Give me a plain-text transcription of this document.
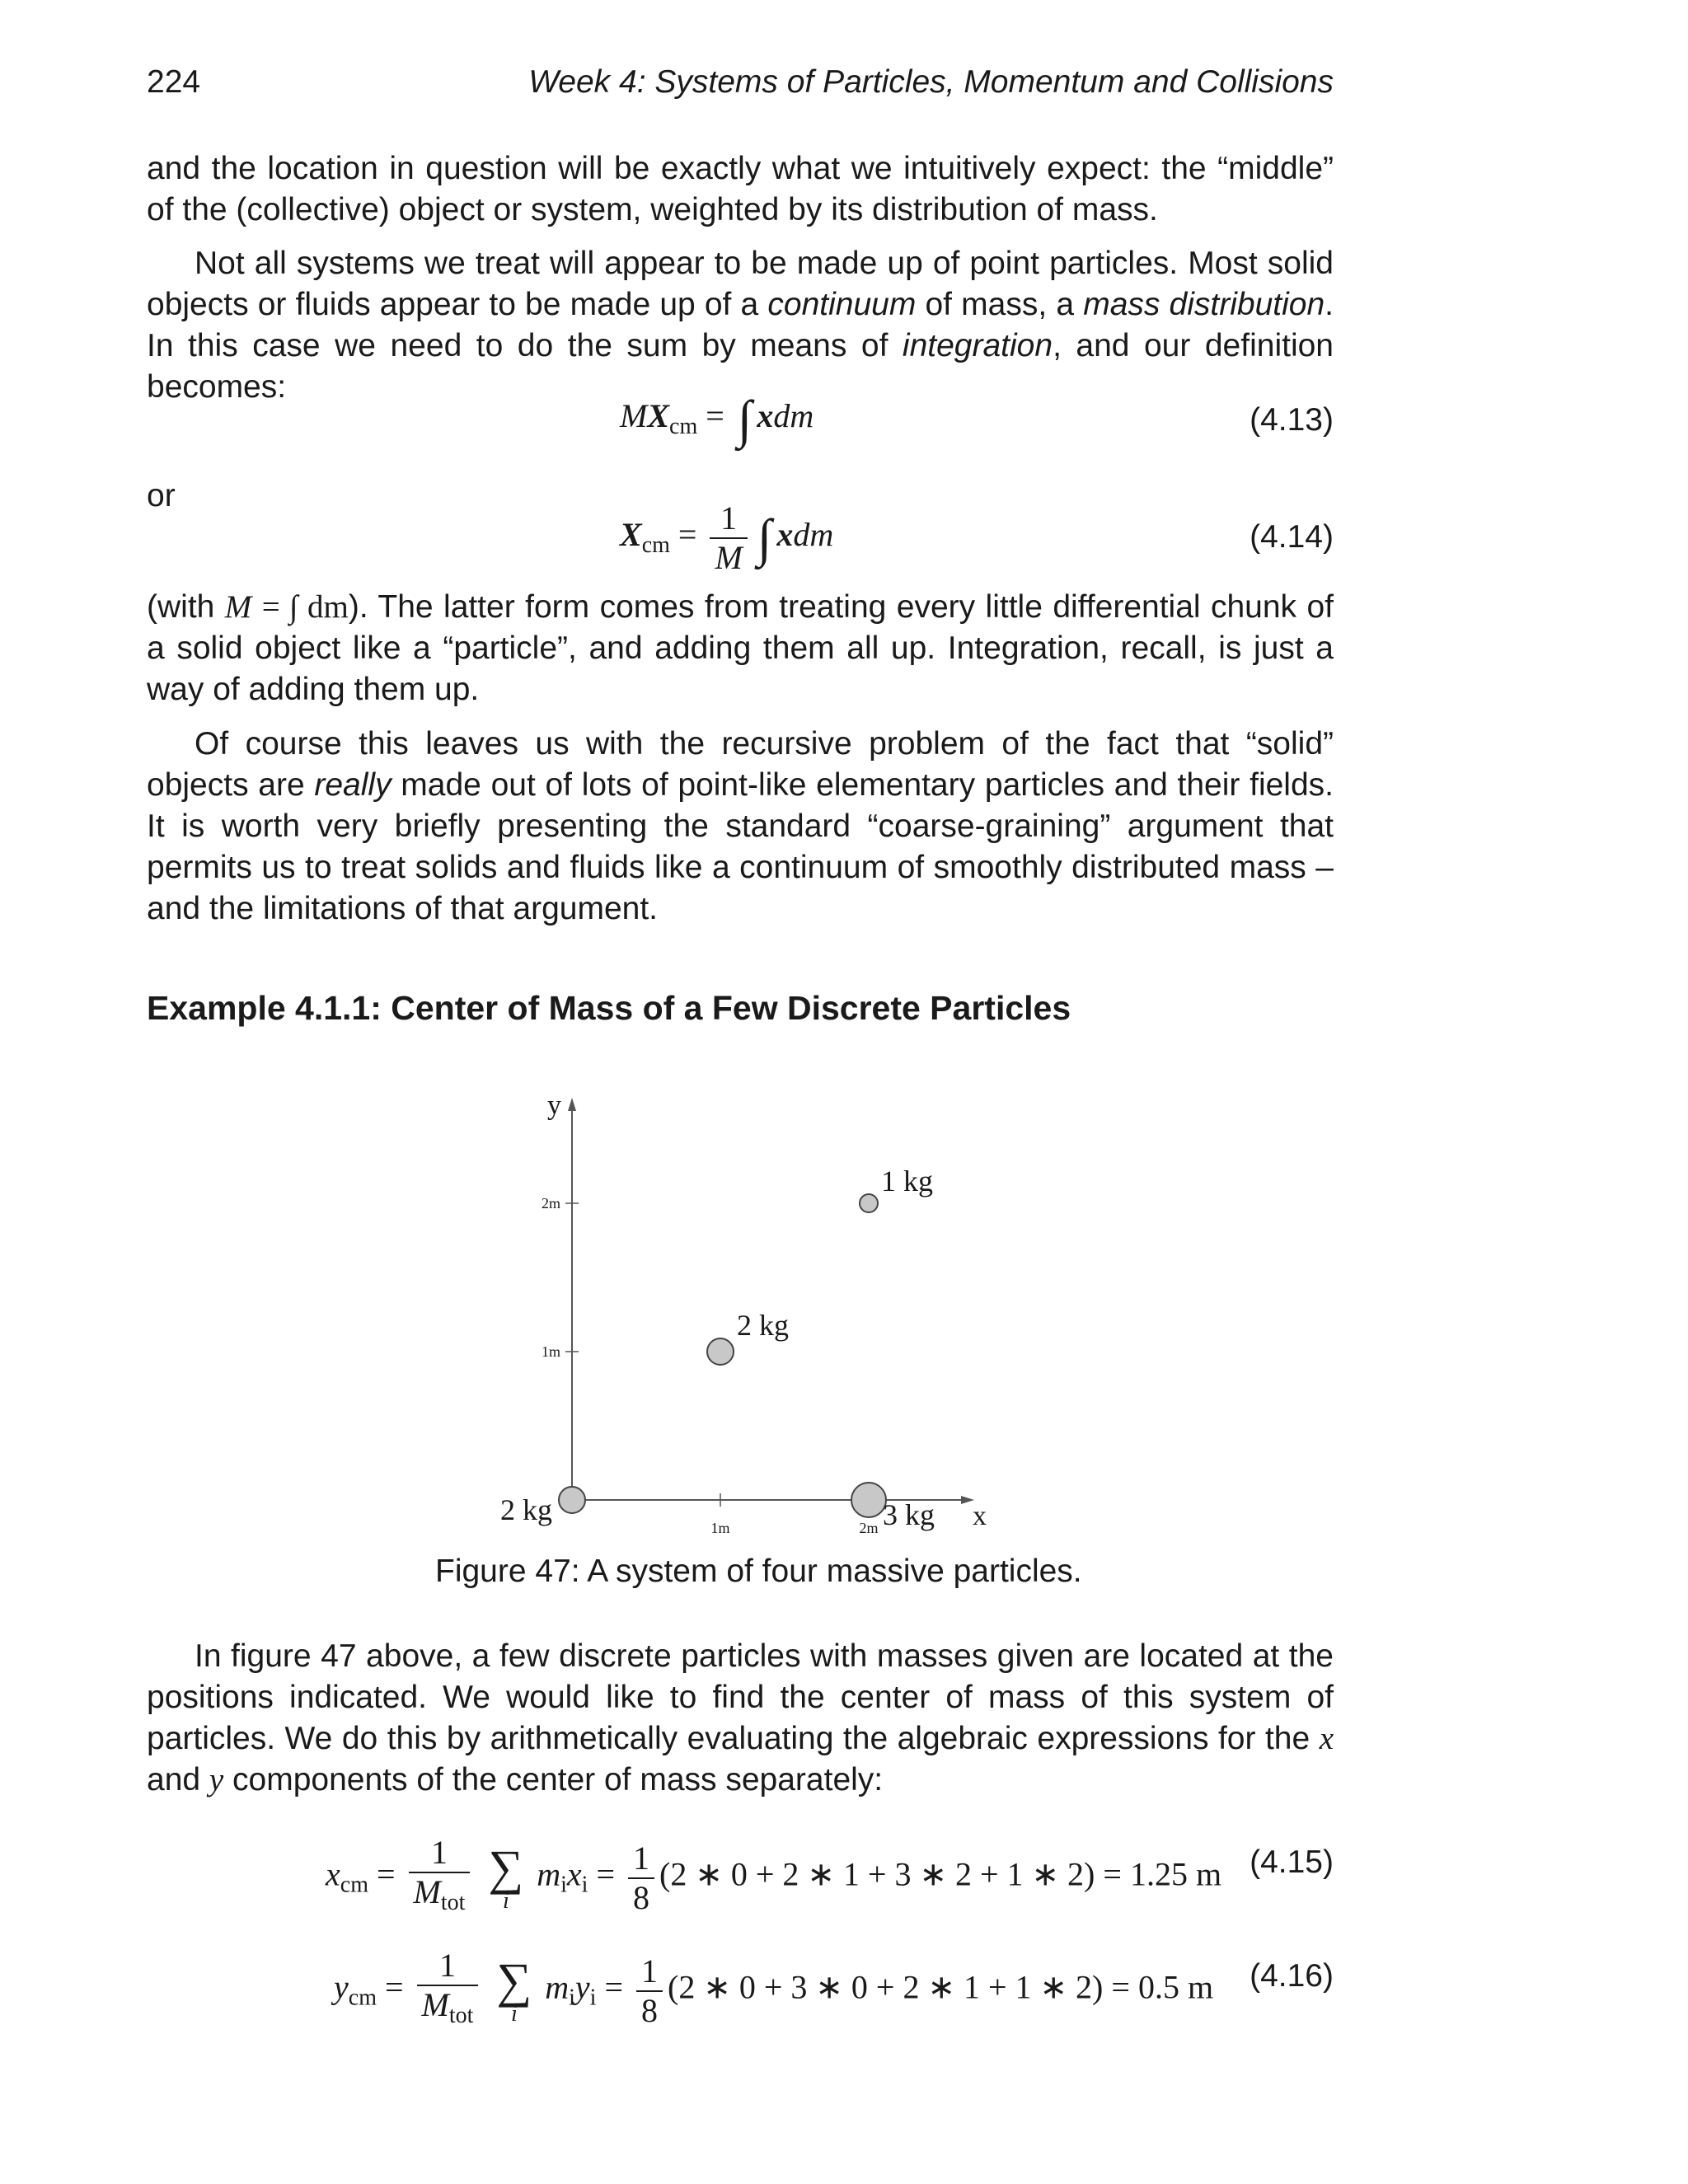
224	Week 4: Systems of Particles, Momentum and Collisions

and the location in question will be exactly what we intuitively expect: the “middle” of the (collective) object or system, weighted by its distribution of mass.

Not all systems we treat will appear to be made up of point particles. Most solid objects or fluids appear to be made up of a continuum of mass, a mass distribution. In this case we need to do the sum by means of integration, and our definition becomes:

$MX_{cm}$ = ∫ xdm	(4.13)
or
$X_{cm} = \frac{1}{M}$ ∫ xdm	(4.14)

(with M = ∫ dm). The latter form comes from treating every little differential chunk of a solid object like a “particle”, and adding them all up. Integration, recall, is just a way of adding them up.

Of course this leaves us with the recursive problem of the fact that “solid” objects are really made out of lots of point-like elementary particles and their fields. It is worth very briefly presenting the standard “coarse-graining” argument that permits us to treat solids and fluids like a continuum of smoothly distributed mass – and the limitations of that argument.

Example 4.1.1: Center of Mass of a Few Discrete Particles
y
x
1m	2m
1m
2m
2 kg
2 kg
3 kg
1 kg
Figure 47: A system of four massive particles.

In figure 47 above, a few discrete particles with masses given are located at the positions indicated. We would like to find the center of mass of this system of particles. We do this by arithmetically evaluating the algebraic expressions for the x and y components of the center of mass separately:

$x_{cm} = \frac{1}{M_{tot}}$
∑
i
$m_ix_i = \frac{1}{8} (2$ ∗ 0 + 2 ∗ 1 + 3 ∗ 2 + 1 ∗ 2) = 1.25 m (4.15)
$y_{cm} = \frac{1}{M_{tot}}$
∑
i
$m_iy_i = \frac{1}{8} (2$ ∗ 0 + 3 ∗ 0 + 2 ∗ 1 + 1 ∗ 2) = 0.5 m (4.16)
